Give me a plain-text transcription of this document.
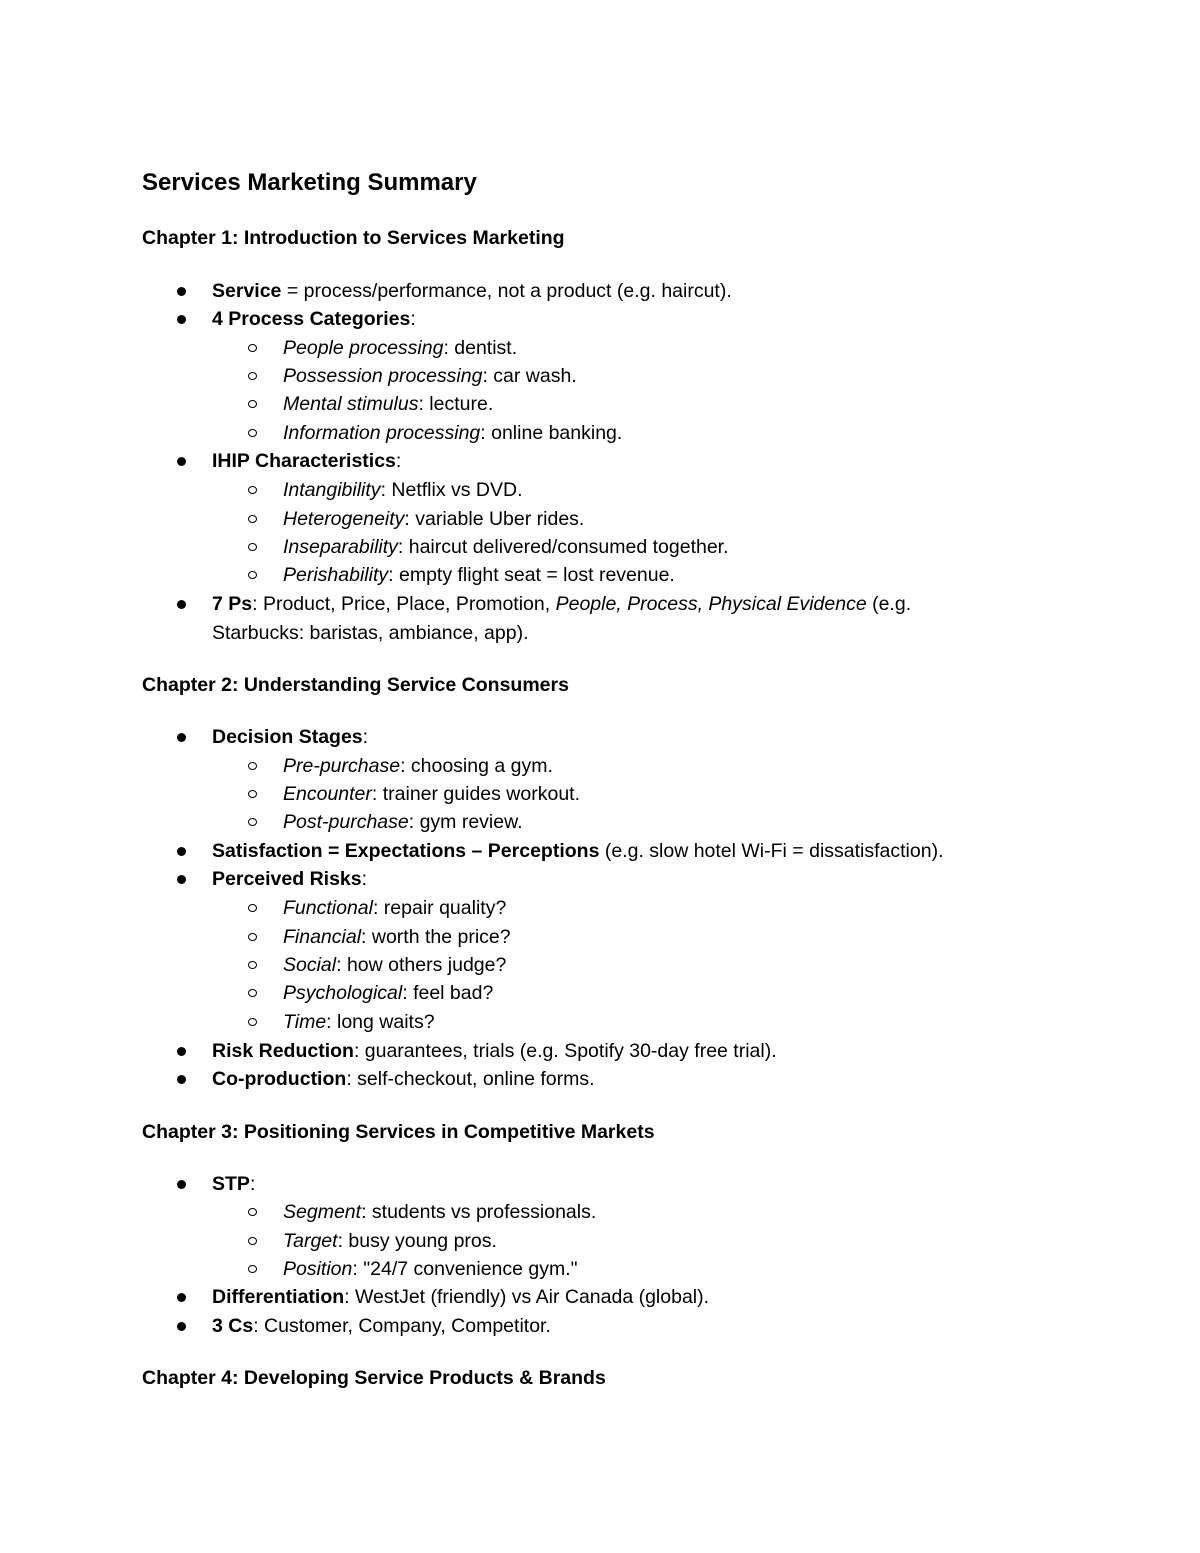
Services Marketing Summary
Chapter 1: Introduction to Services Marketing
Service = process/performance, not a product (e.g. haircut).
4 Process Categories:
People processing: dentist.
Possession processing: car wash.
Mental stimulus: lecture.
Information processing: online banking.
IHIP Characteristics:
Intangibility: Netflix vs DVD.
Heterogeneity: variable Uber rides.
Inseparability: haircut delivered/consumed together.
Perishability: empty flight seat = lost revenue.
7 Ps: Product, Price, Place, Promotion, People, Process, Physical Evidence (e.g.
Starbucks: baristas, ambiance, app).
Chapter 2: Understanding Service Consumers
Decision Stages:
Pre-purchase: choosing a gym.
Encounter: trainer guides workout.
Post-purchase: gym review.
Satisfaction = Expectations – Perceptions (e.g. slow hotel Wi-Fi = dissatisfaction).
Perceived Risks:
Functional: repair quality?
Financial: worth the price?
Social: how others judge?
Psychological: feel bad?
Time: long waits?
Risk Reduction: guarantees, trials (e.g. Spotify 30-day free trial).
Co-production: self-checkout, online forms.
Chapter 3: Positioning Services in Competitive Markets
STP:
Segment: students vs professionals.
Target: busy young pros.
Position: "24/7 convenience gym."
Differentiation: WestJet (friendly) vs Air Canada (global).
3 Cs: Customer, Company, Competitor.
Chapter 4: Developing Service Products & Brands
